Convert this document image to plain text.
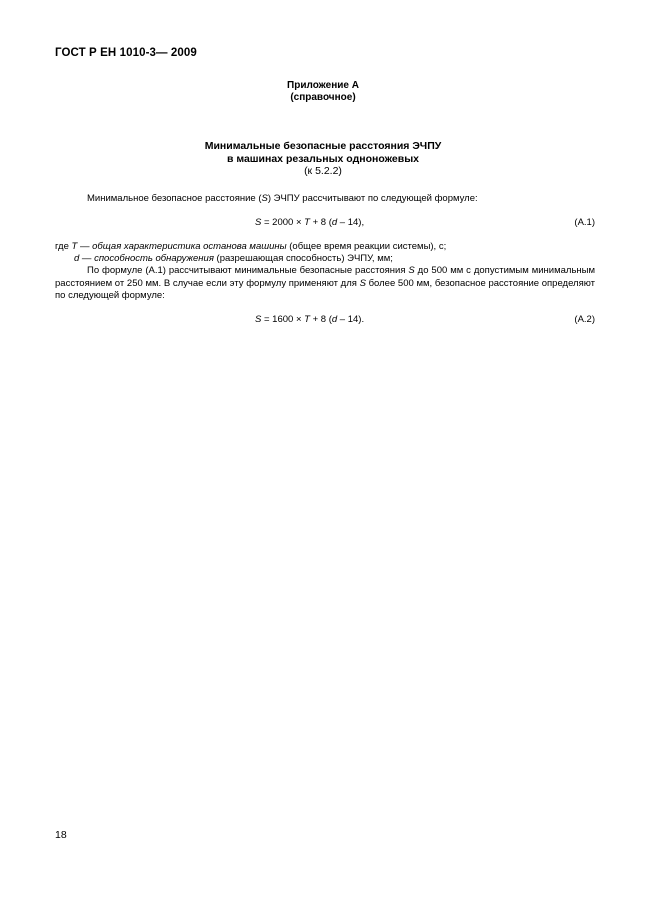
ГОСТ Р ЕН 1010-3— 2009
Приложение А
(справочное)
Минимальные безопасные расстояния ЭЧПУ
в машинах резальных одноножевых
(к 5.2.2)
Минимальное безопасное расстояние (S) ЭЧПУ рассчитывают по следующей формуле:
S = 2000 × T + 8 (d – 14),	(A.1)
где T — общая характеристика останова машины (общее время реакции системы), с;
d — способность обнаружения (разрешающая способность) ЭЧПУ, мм;
По формуле (А.1) рассчитывают минимальные безопасные расстояния S до 500 мм с допустимым минимальным расстоянием от 250 мм. В случае если эту формулу применяют для S более 500 мм, безопасное расстояние определяют по следующей формуле:
S = 1600 × T + 8 (d – 14).	(A.2)
18
